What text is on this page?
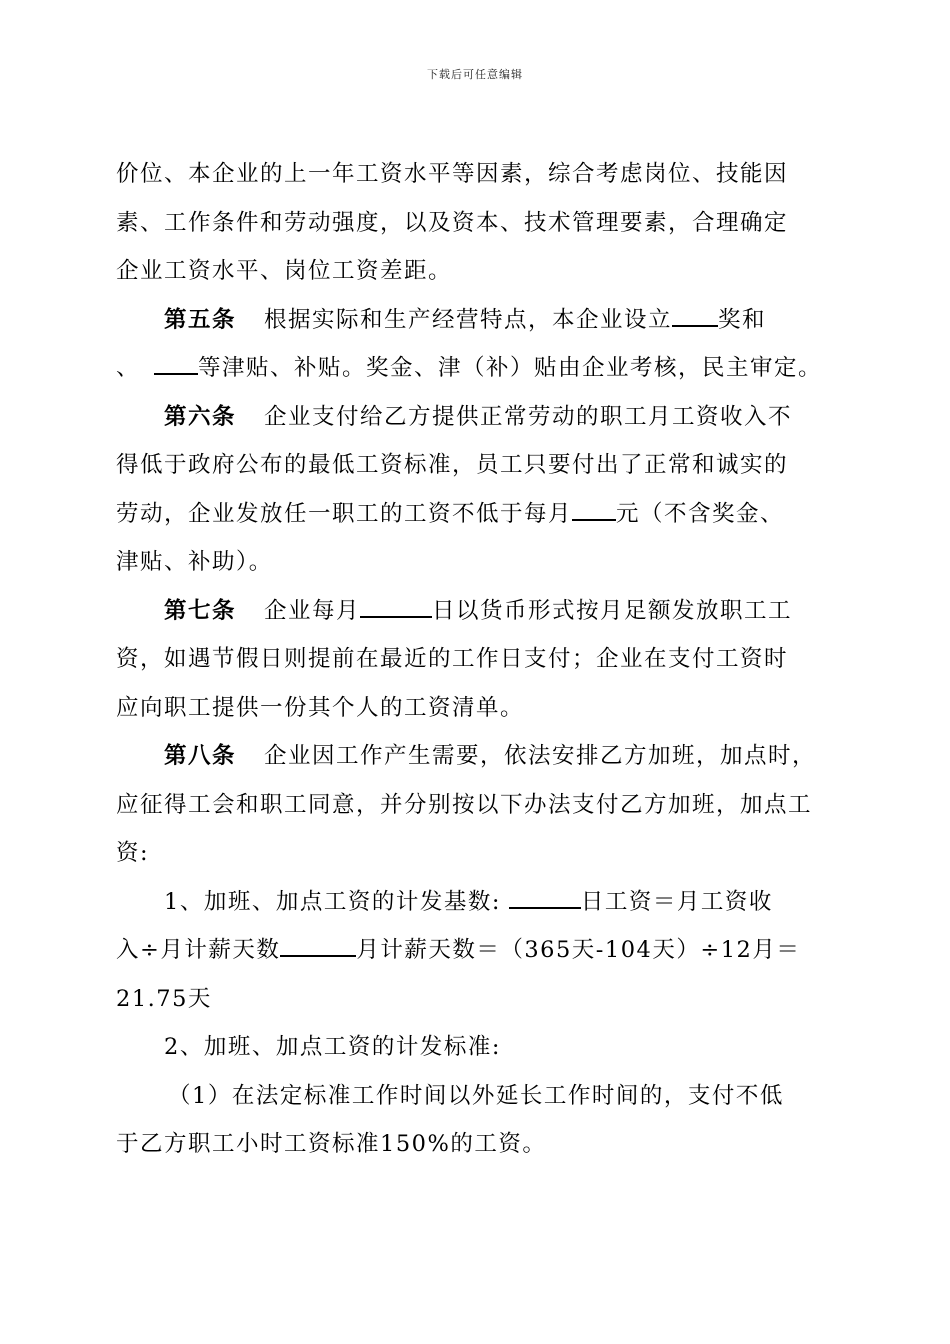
下载后可任意编辑
价位、本企业的上一年工资水平等因素，综合考虑岗位、技能因
素、工作条件和劳动强度，以及资本、技术管理要素，合理确定
企业工资水平、岗位工资差距。
第五条 根据实际和生产经营特点，本企业设立 奖和
、	等津贴、补贴。奖金、津（补）贴由企业考核，民主审定。
第六条 企业支付给乙方提供正常劳动的职工月工资收入不
得低于政府公布的最低工资标准，员工只要付出了正常和诚实的
劳动，企业发放任一职工的工资不低于每月 元（不含奖金、
津贴、补助）。
第七条 企业每月	日以货币形式按月足额发放职工工
资，如遇节假日则提前在最近的工作日支付；企业在支付工资时
应向职工提供一份其个人的工资清单。
第八条 企业因工作产生需要，依法安排乙方加班，加点时，
应征得工会和职工同意，并分别按以下办法支付乙方加班，加点工
资:
1、加班、加点工资的计发基数:	日工资＝月工资收
入÷月计薪天数	月计薪天数＝（365天-104天）÷12月＝
21.75天
2、加班、加点工资的计发标准:
（1）在法定标准工作时间以外延长工作时间的，支付不低
于乙方职工小时工资标准150%的工资。
